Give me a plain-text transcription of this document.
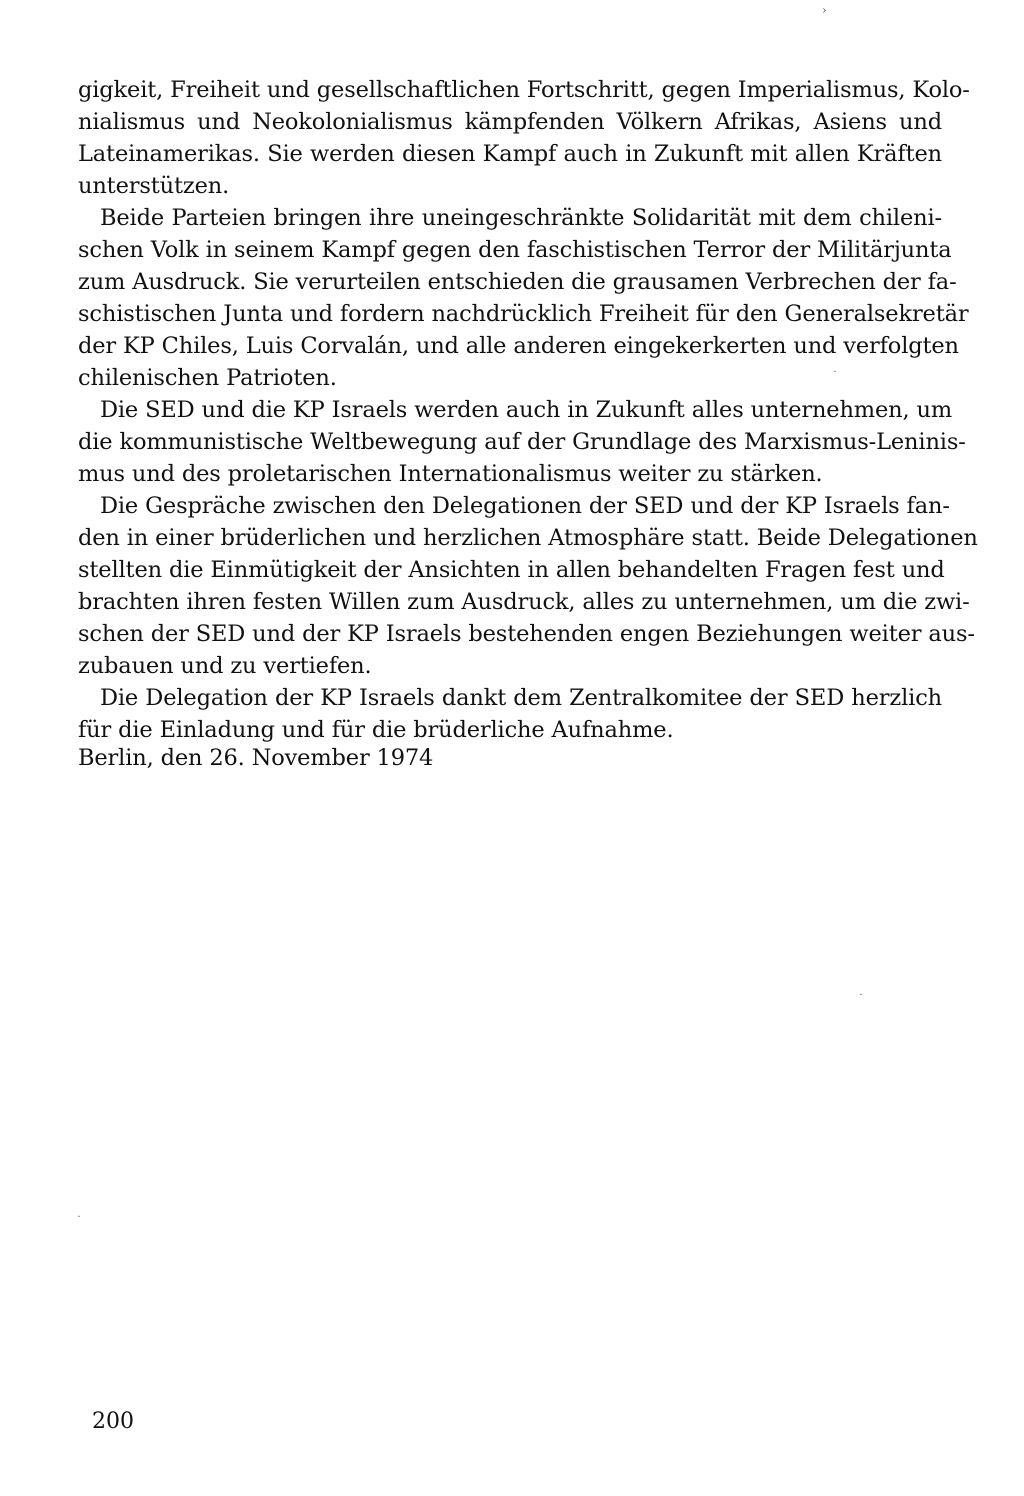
gigkeit, Freiheit und gesellschaftlichen Fortschritt, gegen Imperialismus, Kolo-
nialismus und Neokolonialismus kämpfenden Völkern Afrikas, Asiens und
Lateinamerikas. Sie werden diesen Kampf auch in Zukunft mit allen Kräften
unterstützen.
Beide Parteien bringen ihre uneingeschränkte Solidarität mit dem chileni-
schen Volk in seinem Kampf gegen den faschistischen Terror der Militärjunta
zum Ausdruck. Sie verurteilen entschieden die grausamen Verbrechen der fa-
schistischen Junta und fordern nachdrücklich Freiheit für den Generalsekretär
der KP Chiles, Luis Corvalán, und alle anderen eingekerkerten und verfolgten
chilenischen Patrioten.
Die SED und die KP Israels werden auch in Zukunft alles unternehmen, um
die kommunistische Weltbewegung auf der Grundlage des Marxismus-Leninis-
mus und des proletarischen Internationalismus weiter zu stärken.
Die Gespräche zwischen den Delegationen der SED und der KP Israels fan-
den in einer brüderlichen und herzlichen Atmosphäre statt. Beide Delegationen
stellten die Einmütigkeit der Ansichten in allen behandelten Fragen fest und
brachten ihren festen Willen zum Ausdruck, alles zu unternehmen, um die zwi-
schen der SED und der KP Israels bestehenden engen Beziehungen weiter aus-
zubauen und zu vertiefen.
Die Delegation der KP Israels dankt dem Zentralkomitee der SED herzlich
für die Einladung und für die brüderliche Aufnahme.
Berlin, den 26. November 1974
200
›
˙
˙
˙
